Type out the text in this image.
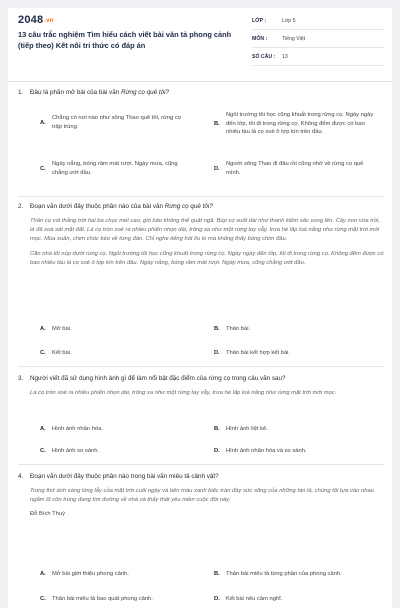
2048.vn
13 câu trắc nghiệm Tìm hiểu cách viết bài văn tả phong cảnh (tiếp theo) Kết nối tri thức có đáp án
LỚP :	Lớp 5
MÔN :	Tiếng Việt
SỐ CÂU :	13
1.	Đâu là phần mở bài của bài văn Rừng cọ quê tôi?
A.
Chẳng có nơi nào như sông Thao quê tôi, rừng cọ trập trùng.
B.
Ngôi trường tôi học cũng khuất trong rừng cọ. Ngày ngày đến lớp, tôi đi trong rừng cọ. Không đếm được có bao nhiêu tàu lá cọ xoè ô lợp kín trên đầu.
C.
Ngày nắng, bóng râm mát rượi. Ngày mưa, cũng chẳng ướt đầu.
D.
Người sông Thao đi đâu rồi cũng nhớ về rừng cọ quê mình.
2.	Đoạn văn dưới đây thuộc phần nào của bài văn Rừng cọ quê tôi?

Thân cọ vút thẳng trời hai ba chục mét cao, gió bão không thể quật ngã. Búp cọ vuốt dài như thanh kiếm sắc vung lên. Cây non vừa trồi, lá đã xoà sát mặt đất. Lá cọ tròn xoè ra nhiều phiến nhọn dài, trông xa như một rừng tay vẫy, trưa hè lấp loá nắng như rừng mặt trời mới mọc. Mùa xuân, chim chóc kéo về từng đàn. Chỉ nghe tiếng hót líu lo mà không thấy bóng chim đâu.

Căn nhà tôi núp dưới rừng cọ. Ngôi trường tôi học cũng khuất trong rừng cọ. Ngày ngày đến lớp, tôi đi trong rừng cọ. Không đếm được có bao nhiêu tàu lá cọ xoè ô lợp kín trên đầu. Ngày nắng, bóng râm mát rượi. Ngày mưa, cũng chẳng ướt đầu.

A.	Mở bài.	B.	Thân bài.
C.	Kết bài.	D.	Thân bài kết hợp kết bài.
3.	Người viết đã sử dụng hình ảnh gì để làm nổi bật đặc điểm của rừng cọ trong câu văn sau?

Lá cọ tròn xoè ra nhiều phiến nhọn dài, trông xa như một rừng tay vẫy, trưa hè lấp loá nắng như rừng mặt trời mới mọc.

A.	Hình ảnh nhân hóa.	B.	Hình ảnh liệt kê.
C.	Hình ảnh so sánh.	D.	Hình ảnh nhân hóa và so sánh.
4.	Đoạn văn dưới đây thuộc phần nào trong bài văn miêu tả cảnh vật?

Trong thứ ánh sáng lòng lẫy của mặt trời cuối ngày và bên màu xanh biếc tràn đầy sức sống của những tán lá, chúng tôi tựa vào nhau ngắm lũ côn trùng đang tìm đường về nhà và thấy thật yêu miền cuộc đời này.

Đỗ Bích Thuý
A.	Mở bài giới thiệu phong cảnh.	B.	Thân bài miêu tả từng phần của phong cảnh.
C.	Thân bài miêu tả bao quát phong cảnh.	D.	Kết bài nêu cảm nghĩ.
